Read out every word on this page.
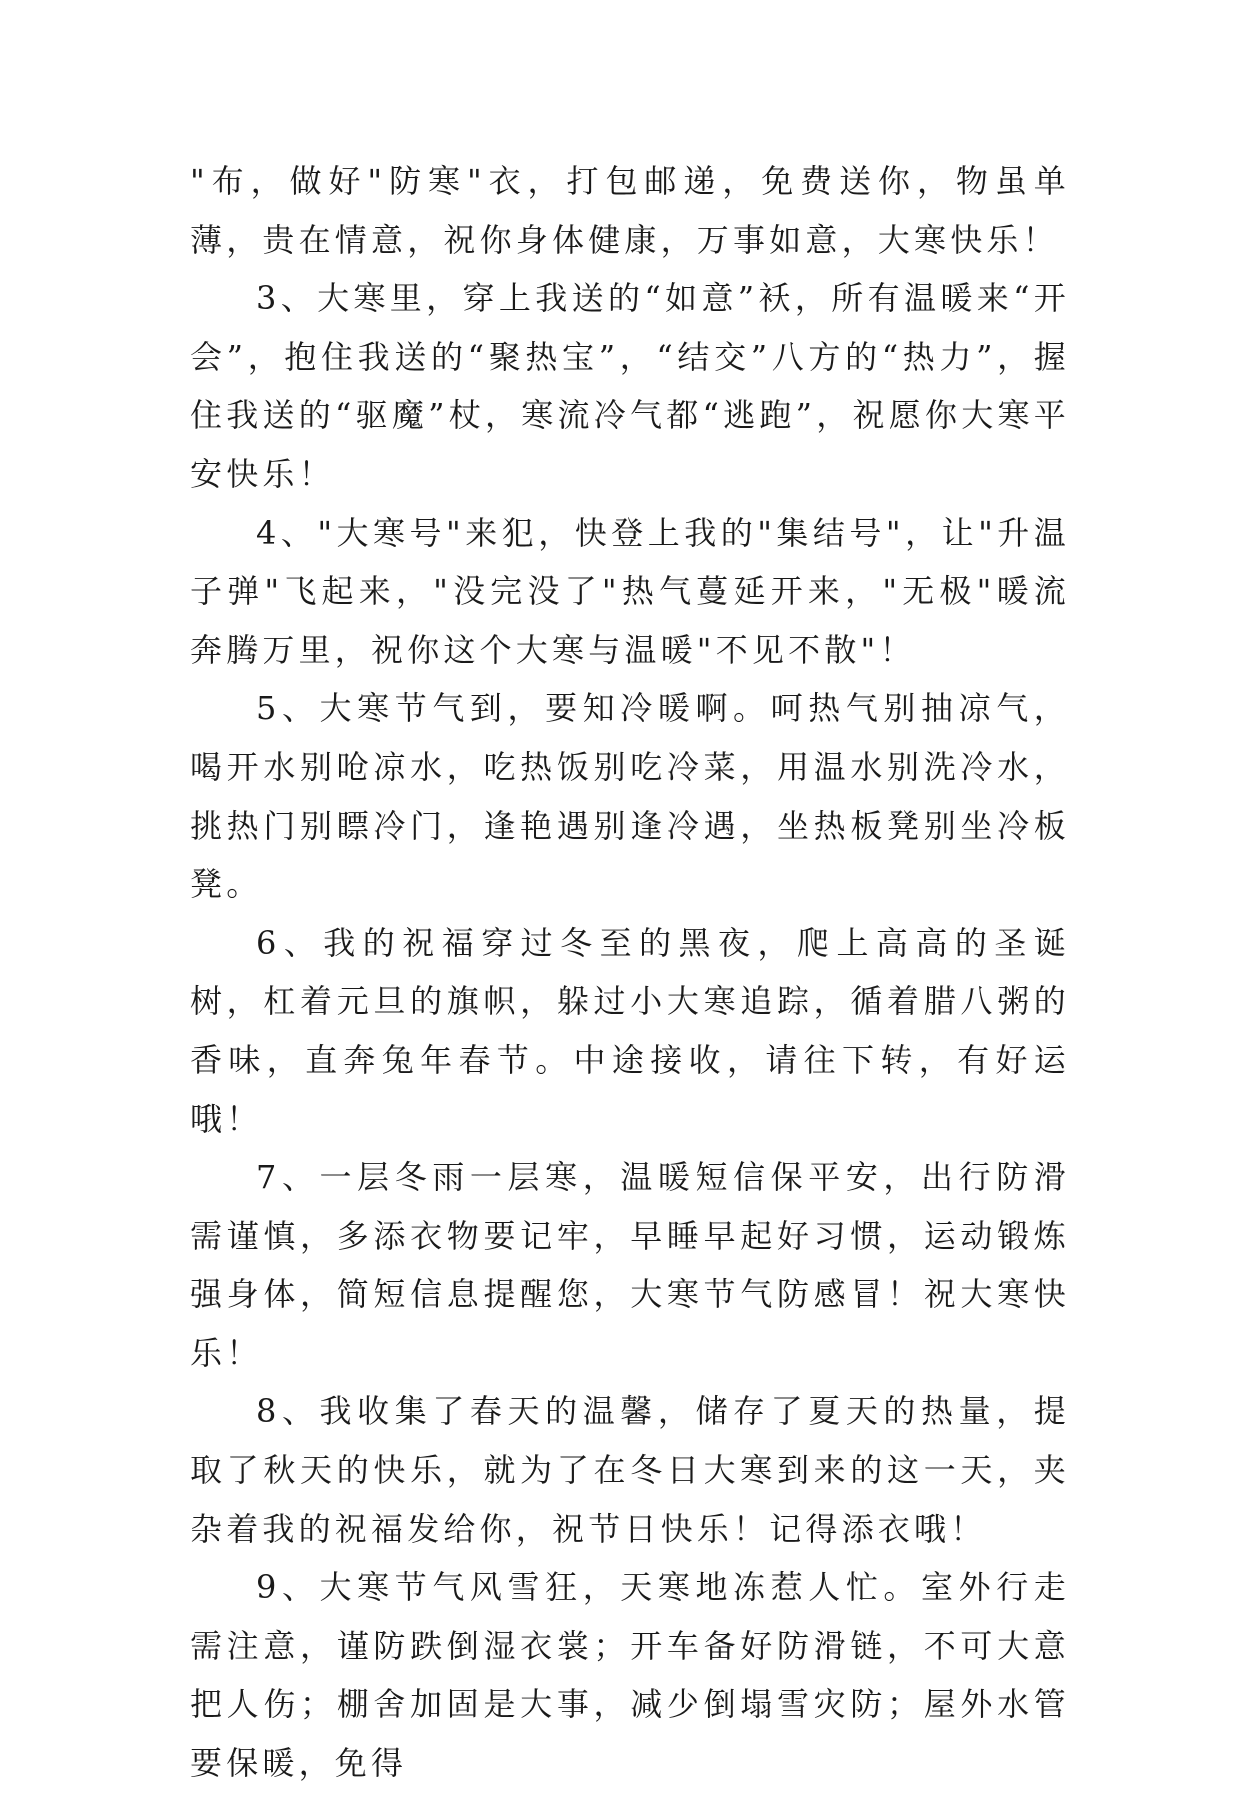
"布，做好"防寒"衣，打包邮递，免费送你，物虽单薄，贵在情意，祝你身体健康，万事如意，大寒快乐！

3、大寒里，穿上我送的“如意”袄，所有温暖来“开会”，抱住我送的“聚热宝”，“结交”八方的“热力”，握住我送的“驱魔”杖，寒流冷气都“逃跑”，祝愿你大寒平安快乐！

4、"大寒号"来犯，快登上我的"集结号"，让"升温子弹"飞起来，"没完没了"热气蔓延开来，"无极"暖流奔腾万里，祝你这个大寒与温暖"不见不散"！

5、大寒节气到，要知冷暖啊。呵热气别抽凉气，喝开水别呛凉水，吃热饭别吃冷菜，用温水别洗冷水，挑热门别瞟冷门，逢艳遇别逢冷遇，坐热板凳别坐冷板凳。

6、我的祝福穿过冬至的黑夜，爬上高高的圣诞树，杠着元旦的旗帜，躲过小大寒追踪，循着腊八粥的香味，直奔兔年春节。中途接收，请往下转，有好运哦！

7、一层冬雨一层寒，温暖短信保平安，出行防滑需谨慎，多添衣物要记牢，早睡早起好习惯，运动锻炼强身体，简短信息提醒您，大寒节气防感冒！祝大寒快乐！

8、我收集了春天的温馨，储存了夏天的热量，提取了秋天的快乐，就为了在冬日大寒到来的这一天，夹杂着我的祝福发给你，祝节日快乐！记得添衣哦！

9、大寒节气风雪狂，天寒地冻惹人忙。室外行走需注意，谨防跌倒湿衣裳；开车备好防滑链，不可大意把人伤；棚舍加固是大事，减少倒塌雪灾防；屋外水管要保暖，免得
